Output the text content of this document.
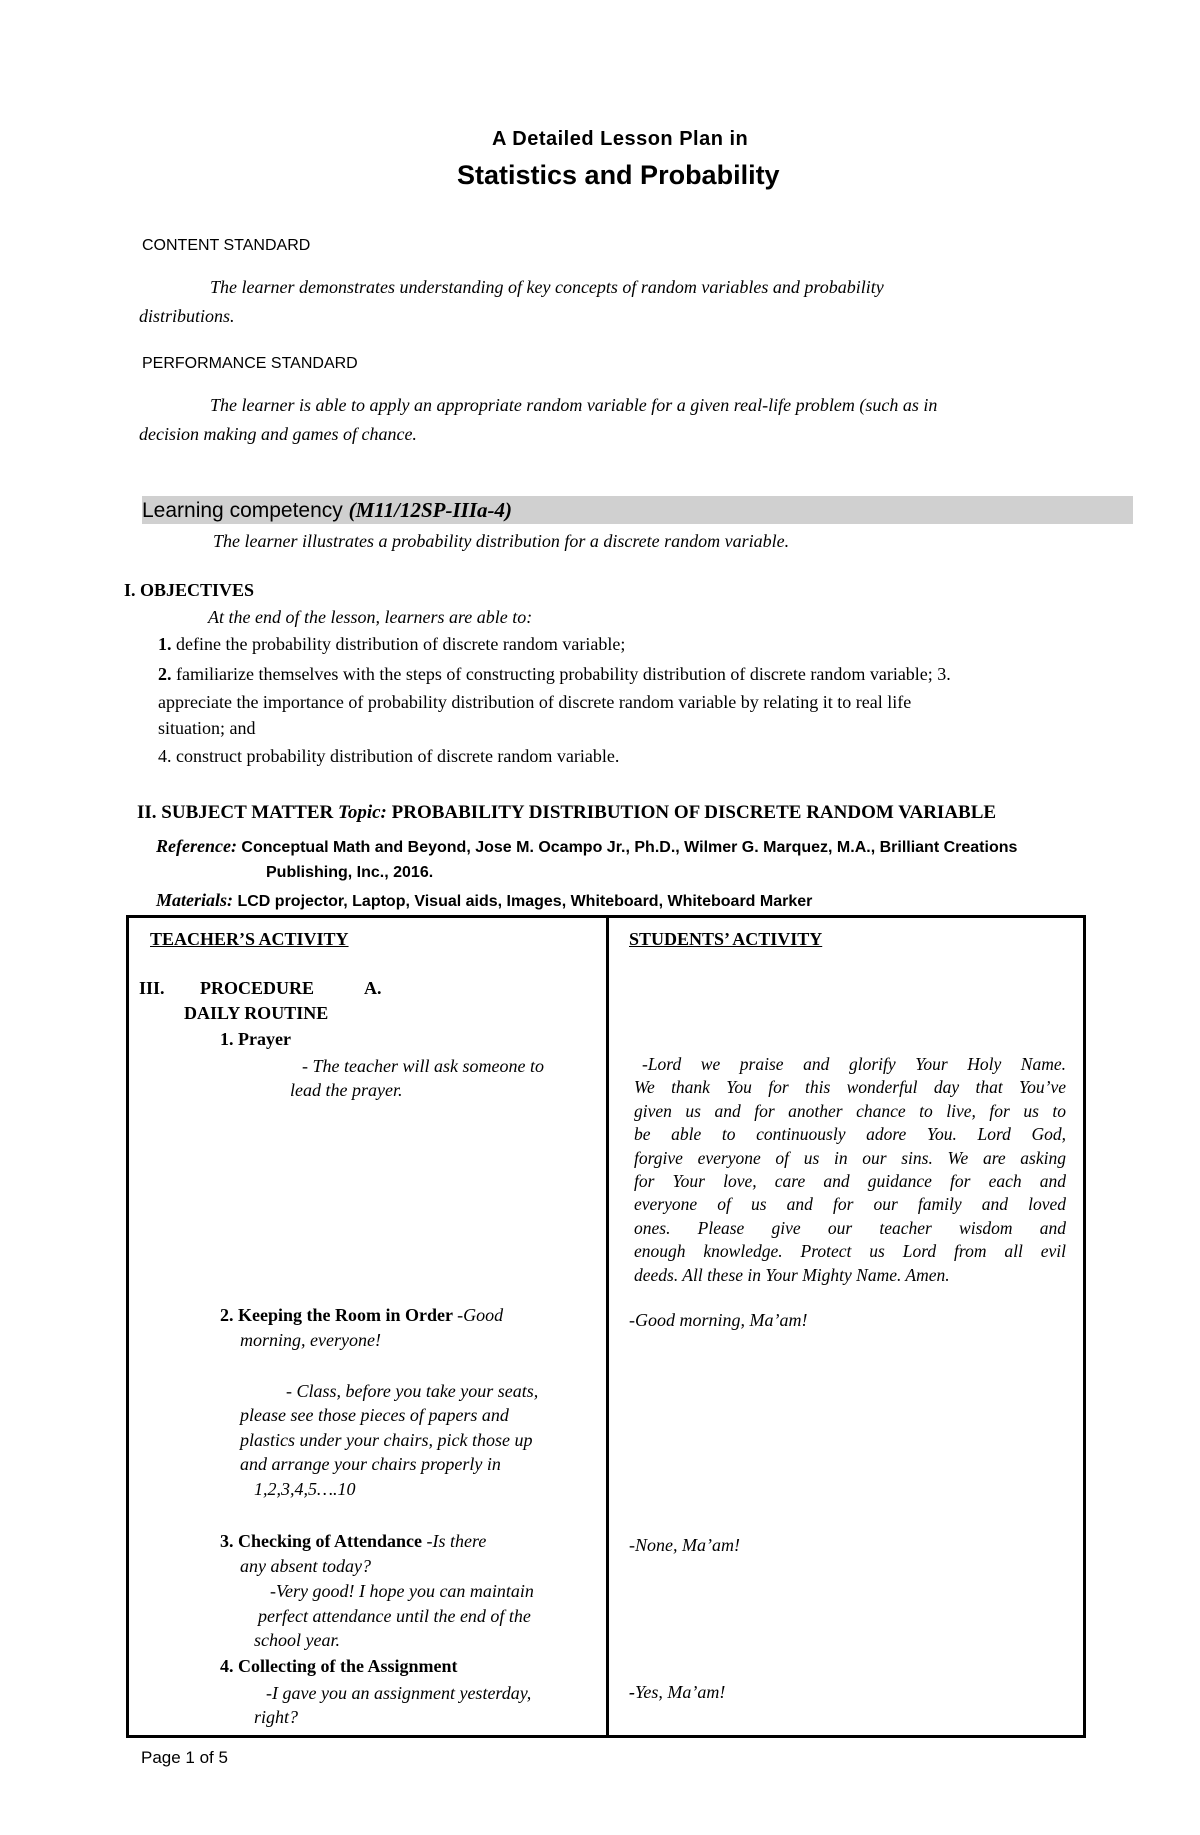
A Detailed Lesson Plan in
Statistics and Probability
CONTENT STANDARD
The learner demonstrates understanding of key concepts of random variables and probability
distributions.
PERFORMANCE STANDARD
The learner is able to apply an appropriate random variable for a given real-life problem (such as in
decision making and games of chance.
Learning competency (M11/12SP-IIIa-4)
The learner illustrates a probability distribution for a discrete random variable.
I. OBJECTIVES
At the end of the lesson, learners are able to:
1. define the probability distribution of discrete random variable;
2. familiarize themselves with the steps of constructing probability distribution of discrete random variable; 3.
appreciate the importance of probability distribution of discrete random variable by relating it to real life
situation; and
4. construct probability distribution of discrete random variable.
II. SUBJECT MATTER Topic: PROBABILITY DISTRIBUTION OF DISCRETE RANDOM VARIABLE
Reference: Conceptual Math and Beyond, Jose M. Ocampo Jr., Ph.D., Wilmer G. Marquez, M.A., Brilliant Creations
Publishing, Inc., 2016.
Materials: LCD projector, Laptop, Visual aids, Images, Whiteboard, Whiteboard Marker
TEACHER’S ACTIVITY	STUDENTS’ ACTIVITY
III. PROCEDURE	A.
DAILY ROUTINE
1. Prayer
- The teacher will ask someone to
lead the prayer.
-Lord we praise and glorify Your Holy Name.
We thank You for this wonderful day that You’ve
given us and for another chance to live, for us to
be able to continuously adore You. Lord God,
forgive everyone of us in our sins. We are asking
for Your love, care and guidance for each and
everyone of us and for our family and loved
ones. Please give our teacher wisdom and
enough knowledge. Protect us Lord from all evil
deeds. All these in Your Mighty Name. Amen.
2. Keeping the Room in Order -Good
morning, everyone!
- Class, before you take your seats,
please see those pieces of papers and
plastics under your chairs, pick those up
and arrange your chairs properly in
1,2,3,4,5….10
-Good morning, Ma’am!
3. Checking of Attendance -Is there
any absent today?
-Very good! I hope you can maintain
perfect attendance until the end of the
school year.
-None, Ma’am!
4. Collecting of the Assignment
-I gave you an assignment yesterday,
right?
-Yes, Ma’am!
Page 1 of 5
